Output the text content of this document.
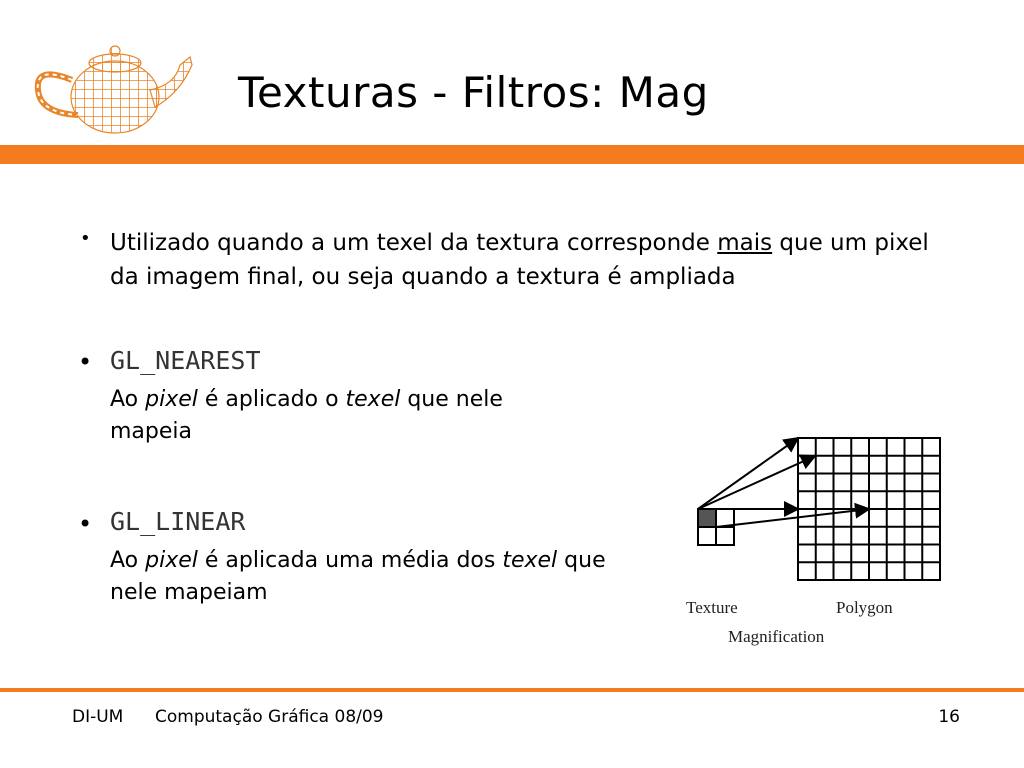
Texturas - Filtros: Mag
• Utilizado quando a um texel da textura corresponde mais que um pixel da imagem final, ou seja quando a textura é ampliada
• GL_NEAREST
Ao pixel é aplicado o texel que nele mapeia
• GL_LINEAR
Ao pixel é aplicada uma média dos texel que nele mapeiam
Texture	Polygon
Magnification
DI-UM Computação Gráfica 08/09	16
